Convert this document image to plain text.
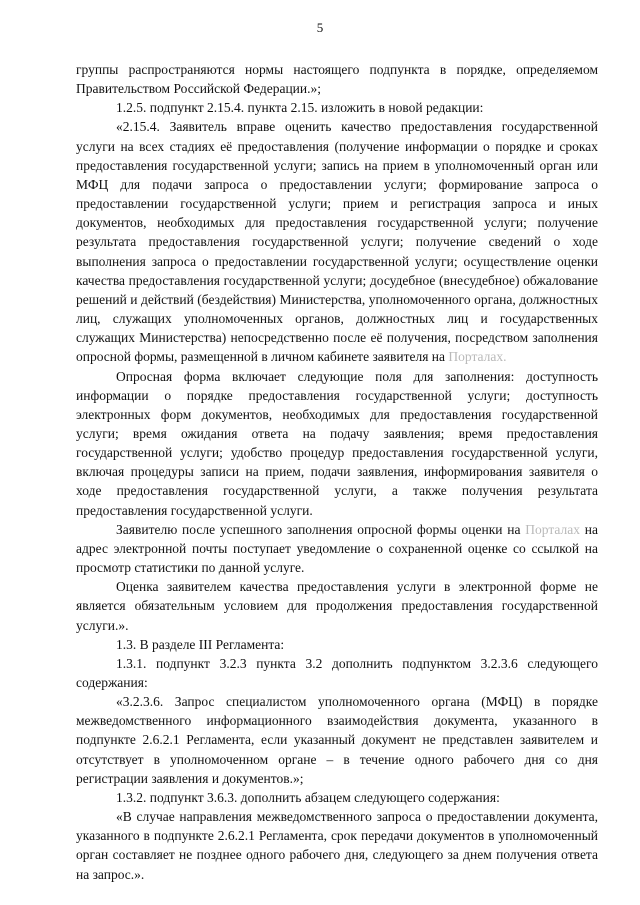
5

группы распространяются нормы настоящего подпункта в порядке, определяемом Правительством Российской Федерации.»;

1.2.5. подпункт 2.15.4. пункта 2.15. изложить в новой редакции:

«2.15.4. Заявитель вправе оценить качество предоставления государственной услуги на всех стадиях её предоставления (получение информации о порядке и сроках предоставления государственной услуги; запись на прием в уполномоченный орган или МФЦ для подачи запроса о предоставлении услуги; формирование запроса о предоставлении государственной услуги; прием и регистрация запроса и иных документов, необходимых для предоставления государственной услуги; получение результата предоставления государственной услуги; получение сведений о ходе выполнения запроса о предоставлении государственной услуги; осуществление оценки качества предоставления государственной услуги; досудебное (внесудебное) обжалование решений и действий (бездействия) Министерства, уполномоченного органа, должностных лиц, служащих уполномоченных органов, должностных лиц и государственных служащих Министерства) непосредственно после её получения, посредством заполнения опросной формы, размещенной в личном кабинете заявителя на Порталах.

Опросная форма включает следующие поля для заполнения: доступность информации о порядке предоставления государственной услуги; доступность электронных форм документов, необходимых для предоставления государственной услуги; время ожидания ответа на подачу заявления; время предоставления государственной услуги; удобство процедур предоставления государственной услуги, включая процедуры записи на прием, подачи заявления, информирования заявителя о ходе предоставления государственной услуги, а также получения результата предоставления государственной услуги.

Заявителю после успешного заполнения опросной формы оценки на Порталах на адрес электронной почты поступает уведомление о сохраненной оценке со ссылкой на просмотр статистики по данной услуге.

Оценка заявителем качества предоставления услуги в электронной форме не является обязательным условием для продолжения предоставления государственной услуги.».

1.3. В разделе III Регламента:

1.3.1. подпункт 3.2.3 пункта 3.2 дополнить подпунктом 3.2.3.6 следующего содержания:

«3.2.3.6. Запрос специалистом уполномоченного органа (МФЦ) в порядке межведомственного информационного взаимодействия документа, указанного в подпункте 2.6.2.1 Регламента, если указанный документ не представлен заявителем и отсутствует в уполномоченном органе – в течение одного рабочего дня со дня регистрации заявления и документов.»;

1.3.2. подпункт 3.6.3. дополнить абзацем следующего содержания:

«В случае направления межведомственного запроса о предоставлении документа, указанного в подпункте 2.6.2.1 Регламента, срок передачи документов в уполномоченный орган составляет не позднее одного рабочего дня, следующего за днем получения ответа на запрос.».
